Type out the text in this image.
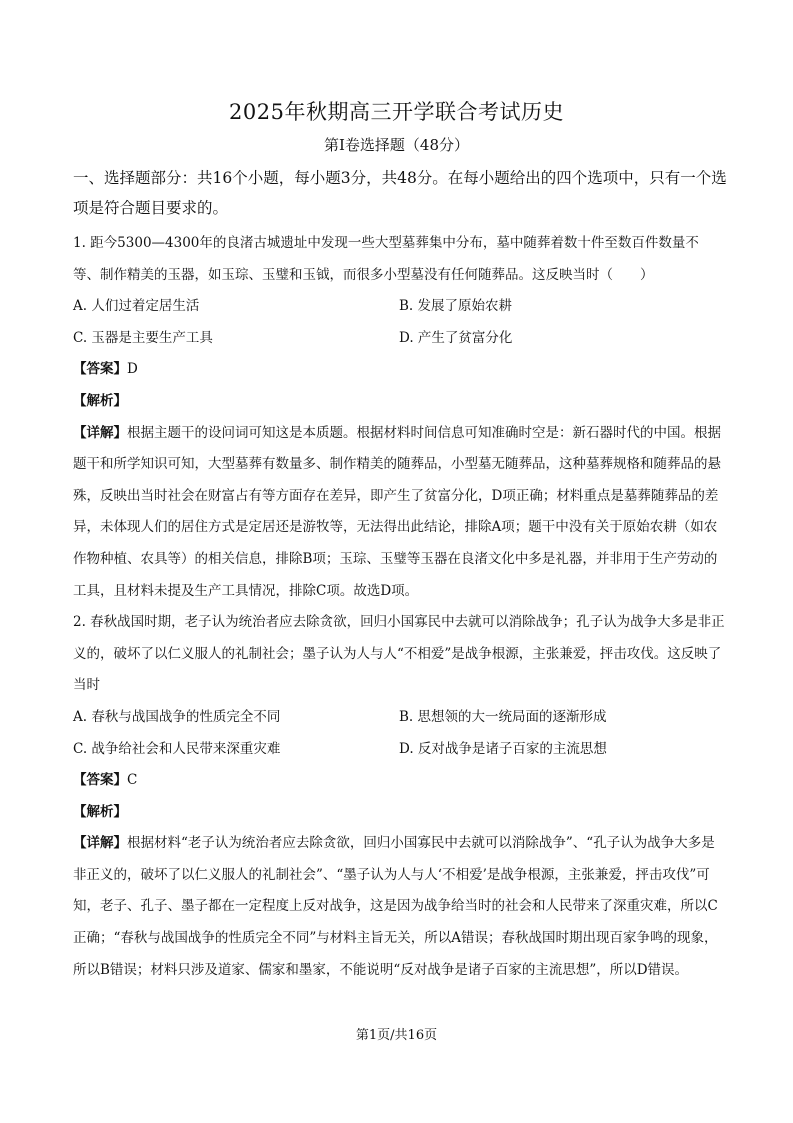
2025年秋期高三开学联合考试历史
第Ⅰ卷选择题（48分）
一、选择题部分：共16个小题，每小题3分，共48分。在每小题给出的四个选项中，只有一个选项是符合题目要求的。

1. 距今5300—4300年的良渚古城遗址中发现一些大型墓葬集中分布，墓中随葬着数十件至数百件数量不等、制作精美的玉器，如玉琮、玉璧和玉钺，而很多小型墓没有任何随葬品。这反映当时（　　）

A. 人们过着定居生活	B. 发展了原始农耕
C. 玉器是主要生产工具	D. 产生了贫富分化

【答案】D

【解析】

【详解】根据主题干的设问词可知这是本质题。根据材料时间信息可知准确时空是：新石器时代的中国。根据题干和所学知识可知，大型墓葬有数量多、制作精美的随葬品，小型墓无随葬品，这种墓葬规格和随葬品的悬殊，反映出当时社会在财富占有等方面存在差异，即产生了贫富分化，D项正确；材料重点是墓葬随葬品的差异，未体现人们的居住方式是定居还是游牧等，无法得出此结论，排除A项；题干中没有关于原始农耕（如农作物种植、农具等）的相关信息，排除B项；玉琮、玉璧等玉器在良渚文化中多是礼器，并非用于生产劳动的工具，且材料未提及生产工具情况，排除C项。故选D项。

2. 春秋战国时期，老子认为统治者应去除贪欲，回归小国寡民中去就可以消除战争；孔子认为战争大多是非正义的，破坏了以仁义服人的礼制社会；墨子认为人与人“不相爱”是战争根源，主张兼爱，抨击攻伐。这反映了当时

A. 春秋与战国战争的性质完全不同	B. 思想领的大一统局面的逐渐形成
C. 战争给社会和人民带来深重灾难	D. 反对战争是诸子百家的主流思想

【答案】C

【解析】

【详解】根据材料“老子认为统治者应去除贪欲，回归小国寡民中去就可以消除战争”、“孔子认为战争大多是非正义的，破坏了以仁义服人的礼制社会”、“墨子认为人与人‘不相爱’是战争根源，主张兼爱，抨击攻伐”可知，老子、孔子、墨子都在一定程度上反对战争，这是因为战争给当时的社会和人民带来了深重灾难，所以C正确；“春秋与战国战争的性质完全不同”与材料主旨无关，所以A错误；春秋战国时期出现百家争鸣的现象，所以B错误；材料只涉及道家、儒家和墨家，不能说明“反对战争是诸子百家的主流思想”，所以D错误。

第1页/共16页
